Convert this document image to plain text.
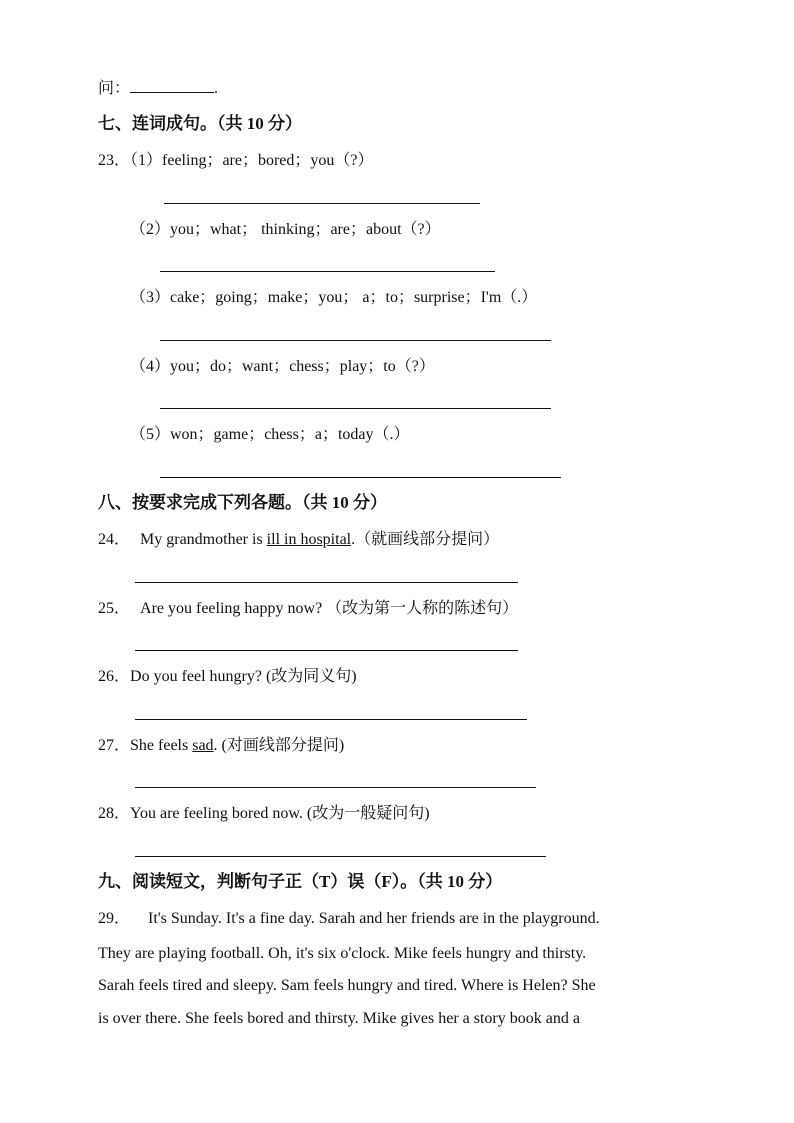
问：	.
七、连词成句。（共 10 分）
23．（1）feeling；are；bored；you（?）
（2）you；what； thinking；are；about（?）
（3）cake；going；make；you； a；to；surprise；I'm（.）
（4）you；do；want；chess；play；to（?）
（5）won；game；chess；a；today（.）
八、按要求完成下列各题。（共 10 分）
24． My grandmother is ill in hospital.（就画线部分提问）
25． Are you feeling happy now? （改为第一人称的陈述句）
26．Do you feel hungry? (改为同义句)
27．She feels sad. (对画线部分提问)
28．You are feeling bored now. (改为一般疑问句)
九、阅读短文，判断句子正（T）误（F）。（共 10 分）
29． It's Sunday. It's a fine day. Sarah and her friends are in the playground.
They are playing football. Oh, it's six o'clock. Mike feels hungry and thirsty.
Sarah feels tired and sleepy. Sam feels hungry and tired. Where is Helen? She
is over there. She feels bored and thirsty. Mike gives her a story book and a
